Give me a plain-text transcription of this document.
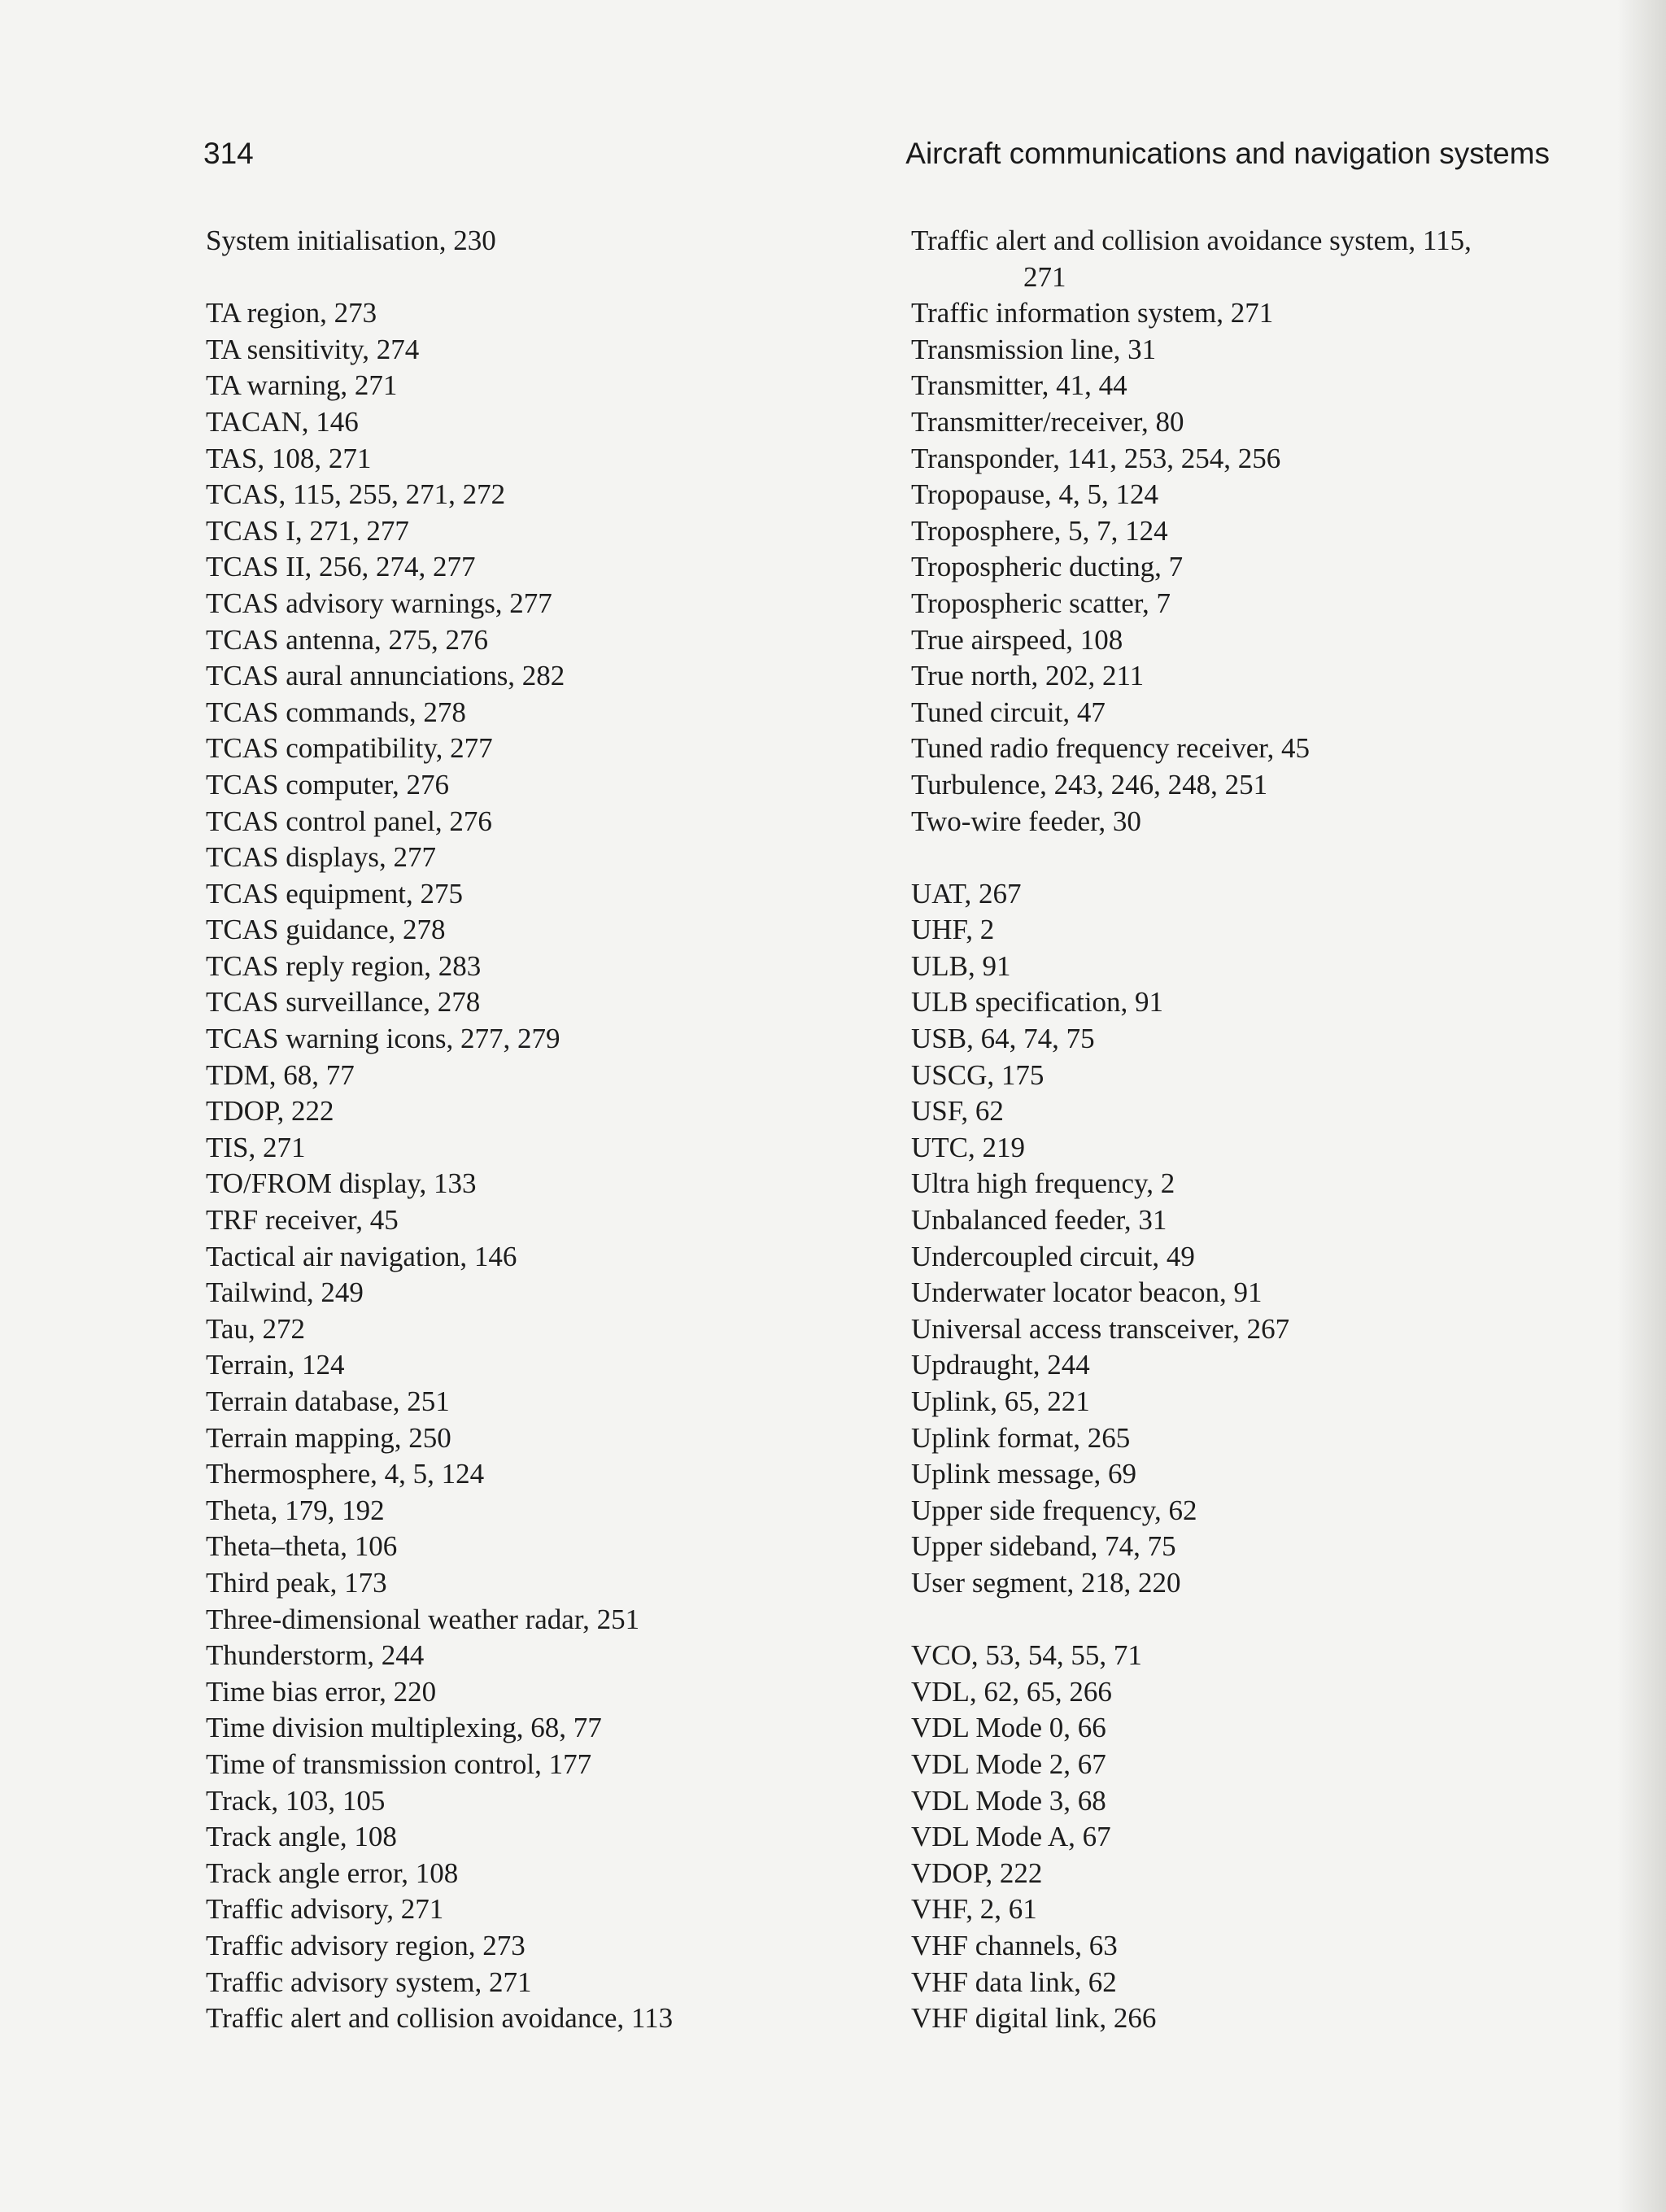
314	Aircraft communications and navigation systems
System initialisation, 230
TA region, 273
TA sensitivity, 274
TA warning, 271
TACAN, 146
TAS, 108, 271
TCAS, 115, 255, 271, 272
TCAS I, 271, 277
TCAS II, 256, 274, 277
TCAS advisory warnings, 277
TCAS antenna, 275, 276
TCAS aural annunciations, 282
TCAS commands, 278
TCAS compatibility, 277
TCAS computer, 276
TCAS control panel, 276
TCAS displays, 277
TCAS equipment, 275
TCAS guidance, 278
TCAS reply region, 283
TCAS surveillance, 278
TCAS warning icons, 277, 279
TDM, 68, 77
TDOP, 222
TIS, 271
TO/FROM display, 133
TRF receiver, 45
Tactical air navigation, 146
Tailwind, 249
Tau, 272
Terrain, 124
Terrain database, 251
Terrain mapping, 250
Thermosphere, 4, 5, 124
Theta, 179, 192
Theta–theta, 106
Third peak, 173
Three-dimensional weather radar, 251
Thunderstorm, 244
Time bias error, 220
Time division multiplexing, 68, 77
Time of transmission control, 177
Track, 103, 105
Track angle, 108
Track angle error, 108
Traffic advisory, 271
Traffic advisory region, 273
Traffic advisory system, 271
Traffic alert and collision avoidance, 113
Traffic alert and collision avoidance system, 115,
271
Traffic information system, 271
Transmission line, 31
Transmitter, 41, 44
Transmitter/receiver, 80
Transponder, 141, 253, 254, 256
Tropopause, 4, 5, 124
Troposphere, 5, 7, 124
Tropospheric ducting, 7
Tropospheric scatter, 7
True airspeed, 108
True north, 202, 211
Tuned circuit, 47
Tuned radio frequency receiver, 45
Turbulence, 243, 246, 248, 251
Two-wire feeder, 30
UAT, 267
UHF, 2
ULB, 91
ULB specification, 91
USB, 64, 74, 75
USCG, 175
USF, 62
UTC, 219
Ultra high frequency, 2
Unbalanced feeder, 31
Undercoupled circuit, 49
Underwater locator beacon, 91
Universal access transceiver, 267
Updraught, 244
Uplink, 65, 221
Uplink format, 265
Uplink message, 69
Upper side frequency, 62
Upper sideband, 74, 75
User segment, 218, 220
VCO, 53, 54, 55, 71
VDL, 62, 65, 266
VDL Mode 0, 66
VDL Mode 2, 67
VDL Mode 3, 68
VDL Mode A, 67
VDOP, 222
VHF, 2, 61
VHF channels, 63
VHF data link, 62
VHF digital link, 266
